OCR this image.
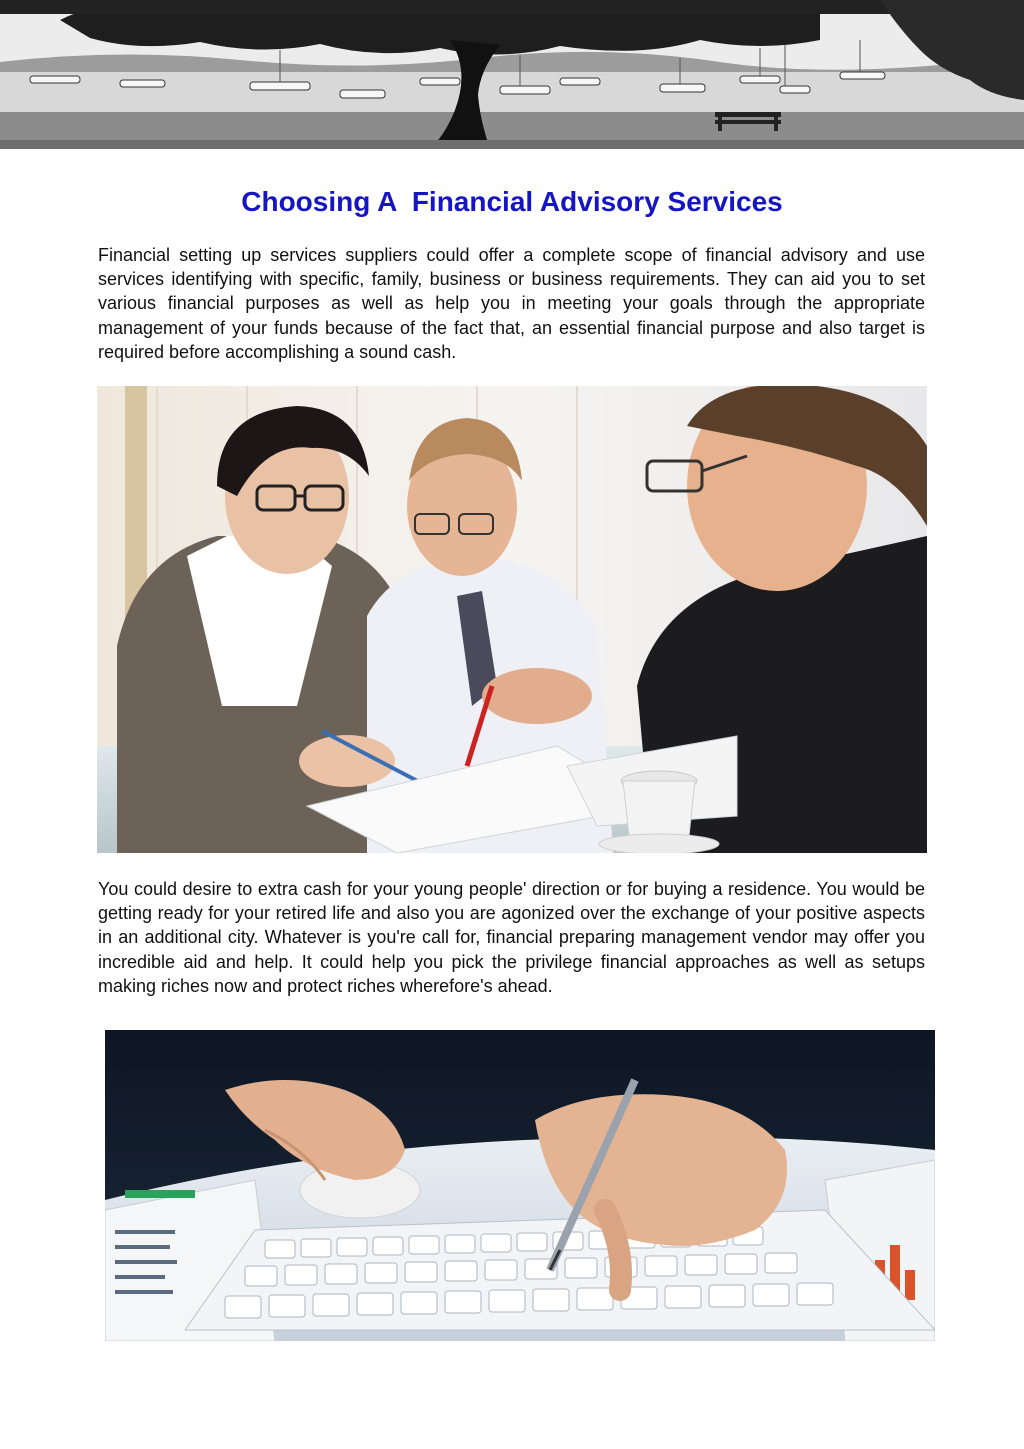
Choosing A  Financial Advisory Services

Financial setting up services suppliers could offer a complete scope of financial advisory and use services identifying with specific, family, business or business requirements. They can aid you to set various financial purposes as well as help you in meeting your goals through the appropriate management of your funds because of the fact that, an essential financial purpose and also target is required before accomplishing a sound cash.

You could desire to extra cash for your young people' direction or for buying a residence. You would be getting ready for your retired life and also you are agonized over the exchange of your positive aspects in an additional city. Whatever is you're call for, financial preparing management vendor may offer you incredible aid and help. It could help you pick the privilege financial approaches as well as setups making riches now and protect riches wherefore's ahead.
